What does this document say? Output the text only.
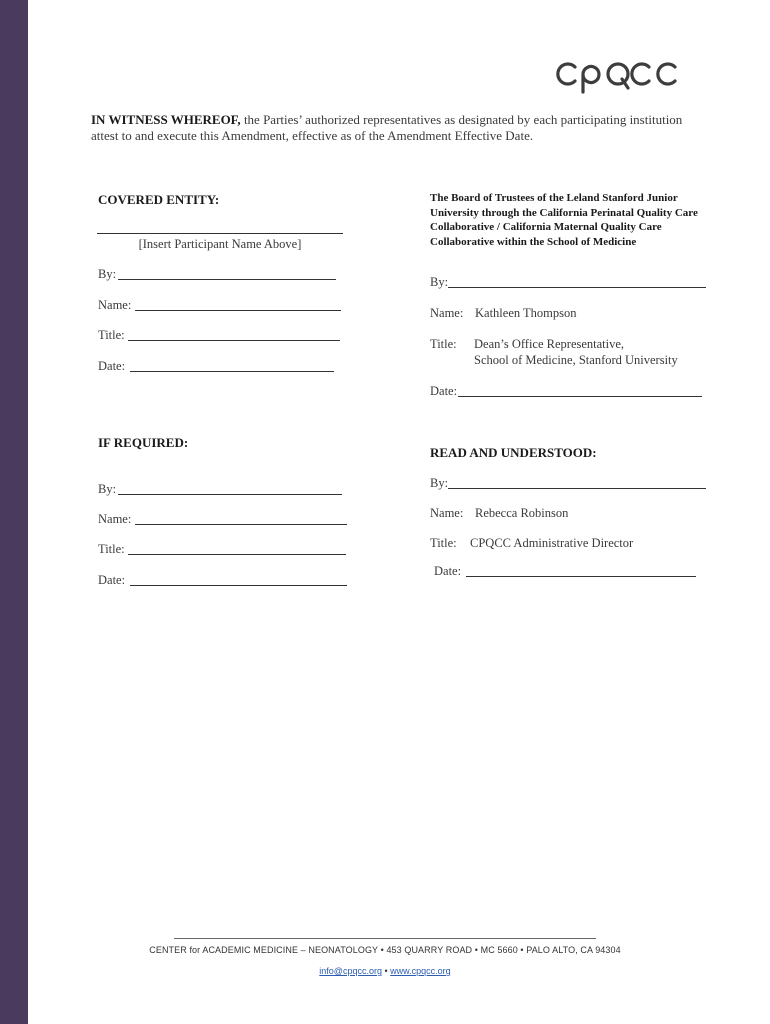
IN WITNESS WHEREOF, the Parties’ authorized representatives as designated by each participating institution attest to and execute this Amendment, effective as of the Amendment Effective Date.
COVERED ENTITY:
[Insert Participant Name Above]
By:
Name:
Title:
Date:
The Board of Trustees of the Leland Stanford Junior University through the California Perinatal Quality Care Collaborative / California Maternal Quality Care Collaborative within the School of Medicine
By:
Name: Kathleen Thompson
Title: Dean’s Office Representative,
School of Medicine, Stanford University
Date:
IF REQUIRED:
By:
Name:
Title:
Date:
READ AND UNDERSTOOD:
By:
Name: Rebecca Robinson
Title: CPQCC Administrative Director
Date:
CENTER for ACADEMIC MEDICINE – NEONATOLOGY • 453 QUARRY ROAD • MC 5660 • PALO ALTO, CA 94304
info@cpqcc.org • www.cpqcc.org
